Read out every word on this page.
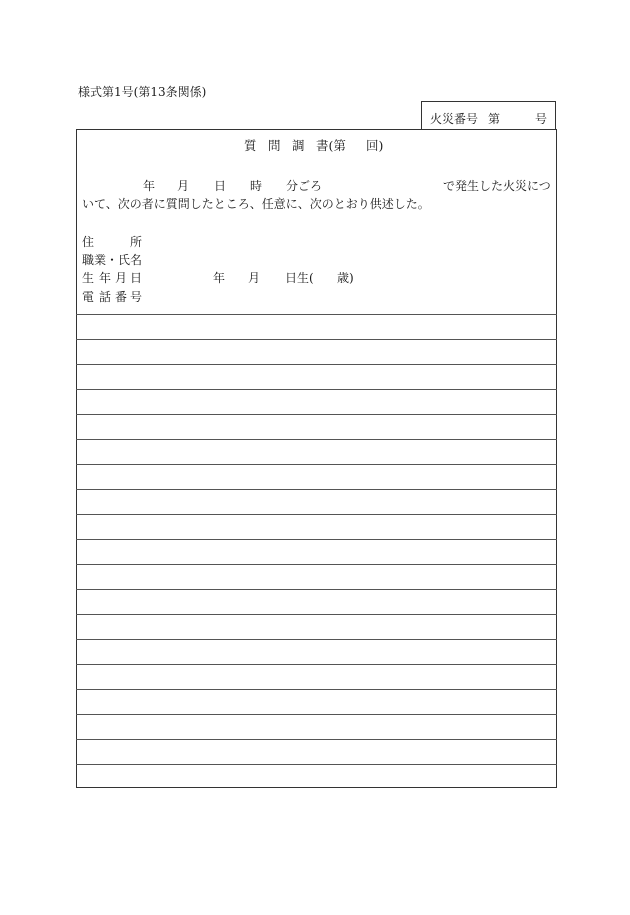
様式第1号(第13条関係)
火災番号 第	号
質 問 調 書(第 回)
年 月 日 時 分ごろ	で発生した火災につ
いて、次の者に質問したところ、任意に、次のとおり供述した。
住	所
職業・氏名
生 年 月 日	年 月 日生( 歳)
電 話 番 号
